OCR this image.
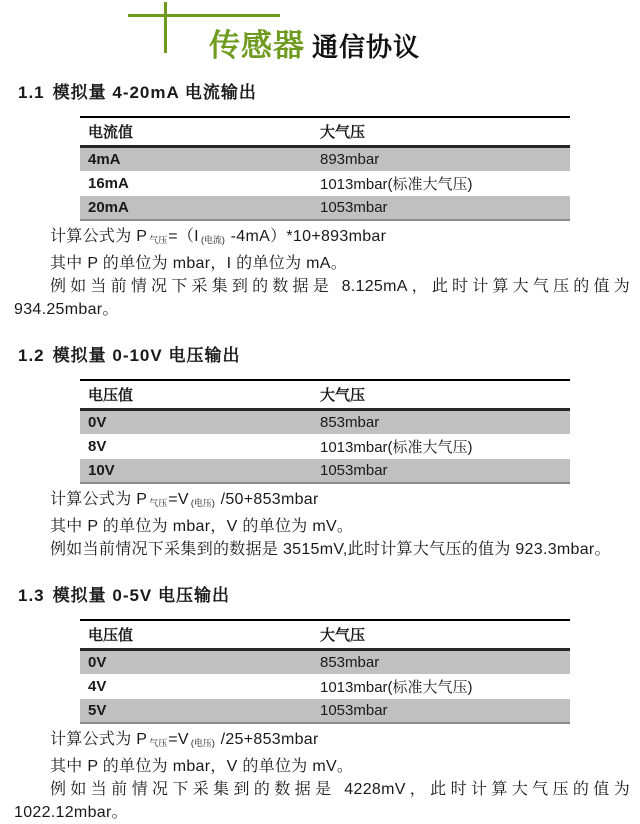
传感器 通信协议
1.1 模拟量 4-20mA 电流输出
电流值	大气压
4mA	893mbar
16mA	1013mbar(标准大气压)
20mA	1053mbar

计算公式为 P $_{气压}$=（I $_{(电流)}$ -4mA）*10+893mbar

其中 P 的单位为 mbar，I 的单位为 mA。

例如当前情况下采集到的数据是 8.125mA，此时计算大气压的值为

934.25mbar。

1.2 模拟量 0-10V 电压输出
电压值	大气压
0V	853mbar
8V	1013mbar(标准大气压)
10V	1053mbar

计算公式为 P $_{气压}$=V $_{(电压)}$ /50+853mbar

其中 P 的单位为 mbar，V 的单位为 mV。

例如当前情况下采集到的数据是 3515mV,此时计算大气压的值为 923.3mbar。

1.3 模拟量 0-5V 电压输出
电压值	大气压
0V	853mbar
4V	1013mbar(标准大气压)
5V	1053mbar

计算公式为 P $_{气压}$=V $_{(电压)}$ /25+853mbar

其中 P 的单位为 mbar，V 的单位为 mV。

例如当前情况下采集到的数据是 4228mV，此时计算大气压的值为

1022.12mbar。
